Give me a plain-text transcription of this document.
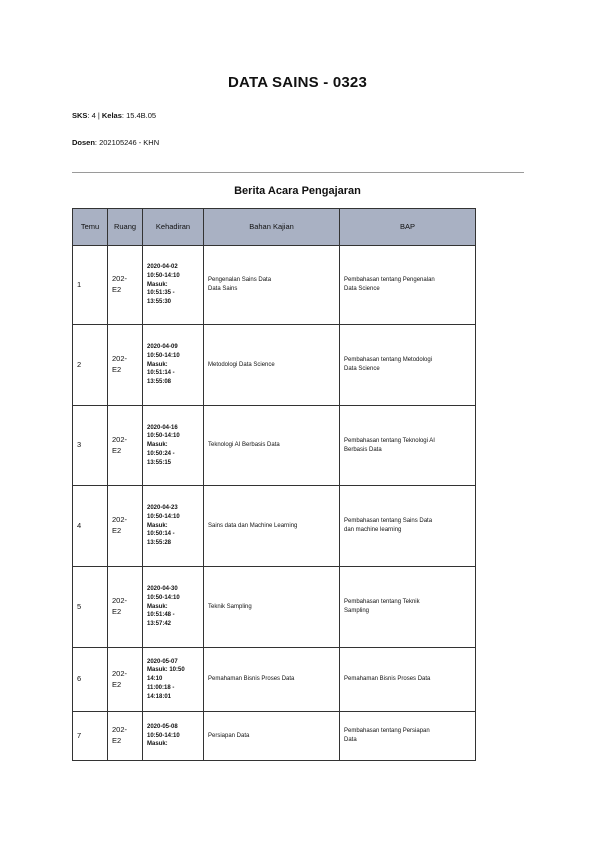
DATA SAINS - 0323
SKS: 4 | Kelas: 15.4B.05
Dosen: 202105246 - KHN
Berita Acara Pengajaran
Temu	Ruang	Kehadiran	Bahan Kajian	BAP
1	202-
E2	2020-04-02
10:50-14:10
Masuk:
10:51:35 -
13:55:30	Pengenalan Sains Data
Data Sains	Pembahasan tentang Pengenalan
Data Science
2	202-
E2	2020-04-09
10:50-14:10
Masuk:
10:51:14 -
13:55:08	Metodologi Data Science	Pembahasan tentang Metodologi
Data Science
3	202-
E2	2020-04-16
10:50-14:10
Masuk:
10:50:24 -
13:55:15	Teknologi AI Berbasis Data	Pembahasan tentang Teknologi AI
Berbasis Data
4	202-
E2	2020-04-23
10:50-14:10
Masuk:
10:50:14 -
13:55:28	Sains data dan Machine Learning	Pembahasan tentang Sains Data
dan machine learning
5	202-
E2	2020-04-30
10:50-14:10
Masuk:
10:51:48 -
13:57:42	Teknik Sampling	Pembahasan tentang Teknik
Sampling
6	202-
E2	2020-05-07
Masuk: 10:50
14:10
11:00:18 -
14:18:01	Pemahaman Bisnis Proses Data	Pemahaman Bisnis Proses Data
7	202-
E2	2020-05-08
10:50-14:10
Masuk:	Persiapan Data	Pembahasan tentang Persiapan
Data
